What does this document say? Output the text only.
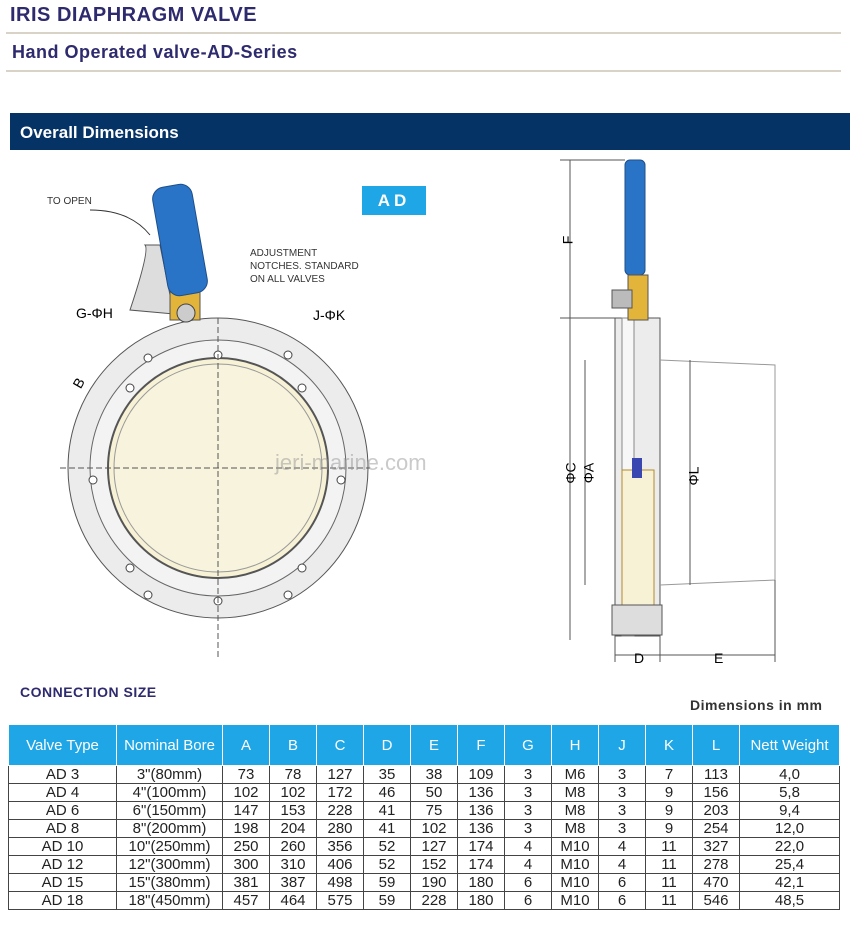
IRIS DIAPHRAGM VALVE
Hand Operated valve-AD-Series
Overall Dimensions
AD
TO OPEN
ADJUSTMENT
NOTCHES. STANDARD
ON ALL VALVES
G-ΦH	J-ΦK
B
F
ΦC ΦA	ΦL
D	E
jeri-marine.com
CONNECTION SIZE
Dimensions in mm
Valve Type	Nominal Bore	A	B	C	D	E	F	G	H	J	K	L	Nett Weight
AD 3	3"(80mm)	73	78	127	35	38	109	3	M6	3	7	113	4,0
AD 4	4"(100mm)	102	102	172	46	50	136	3	M8	3	9	156	5,8
AD 6	6"(150mm)	147	153	228	41	75	136	3	M8	3	9	203	9,4
AD 8	8"(200mm)	198	204	280	41	102	136	3	M8	3	9	254	12,0
AD 10	10"(250mm)	250	260	356	52	127	174	4	M10	4	11	327	22,0
AD 12	12"(300mm)	300	310	406	52	152	174	4	M10	4	11	278	25,4
AD 15	15"(380mm)	381	387	498	59	190	180	6	M10	6	11	470	42,1
AD 18	18"(450mm)	457	464	575	59	228	180	6	M10	6	11	546	48,5
